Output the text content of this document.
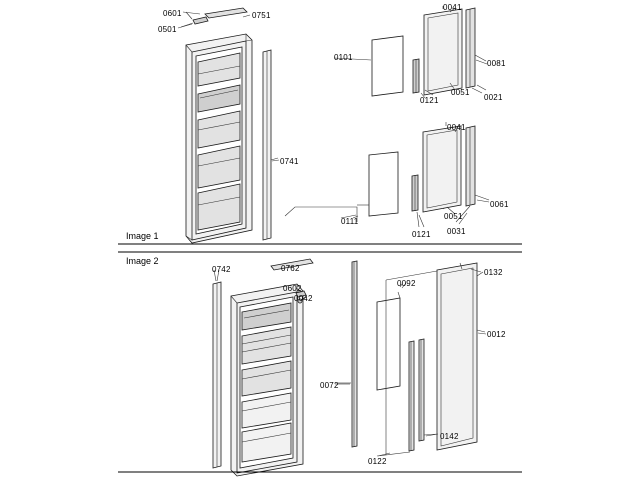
Image 1
Image 2
0601	0751
0501
0041
0101
0081
0121
0051
0021
0041
0741
0061
0111
0051
0121 0031
0742	0762	0132
0602
0042
0092
0012
0072
0142
0122
